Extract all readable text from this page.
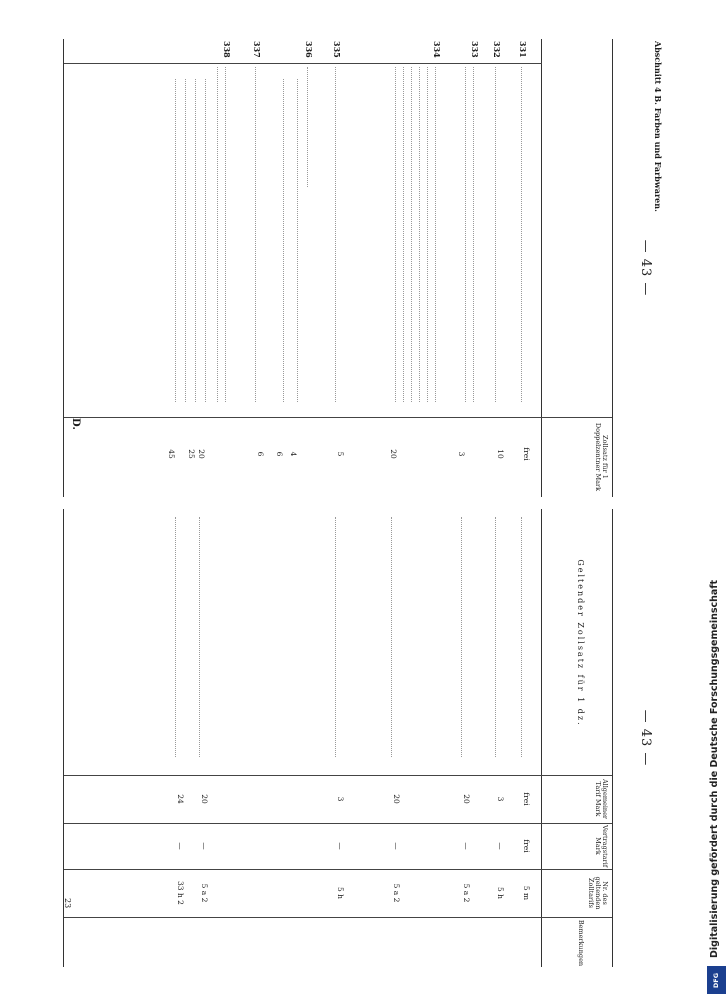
Abschnitt 4 B. Farben und Farbwaren.
— 43 —
Zollsatz für 1 Doppelzentner Mark
331
frei
332
10
333
3
334
20
335
5
336
4
6
337
6
338
20
25
45
D.
— 43 —
Geltender Zollsatz für 1 dz.
Allgemeiner Tarif Mark
Vertragstarif Mark
Nr. des geltenden Zolltarifs
Bemerkungen
frei
frei
5 m
3
—
5 h
20
—
5 a 2
20
—
5 a 2
3
—
5 h
20
—
5 a 2
24
—
33 h 2
23	Digitalisierung gefördert durch die Deutsche Forschungsgemeinschaft
DFG
